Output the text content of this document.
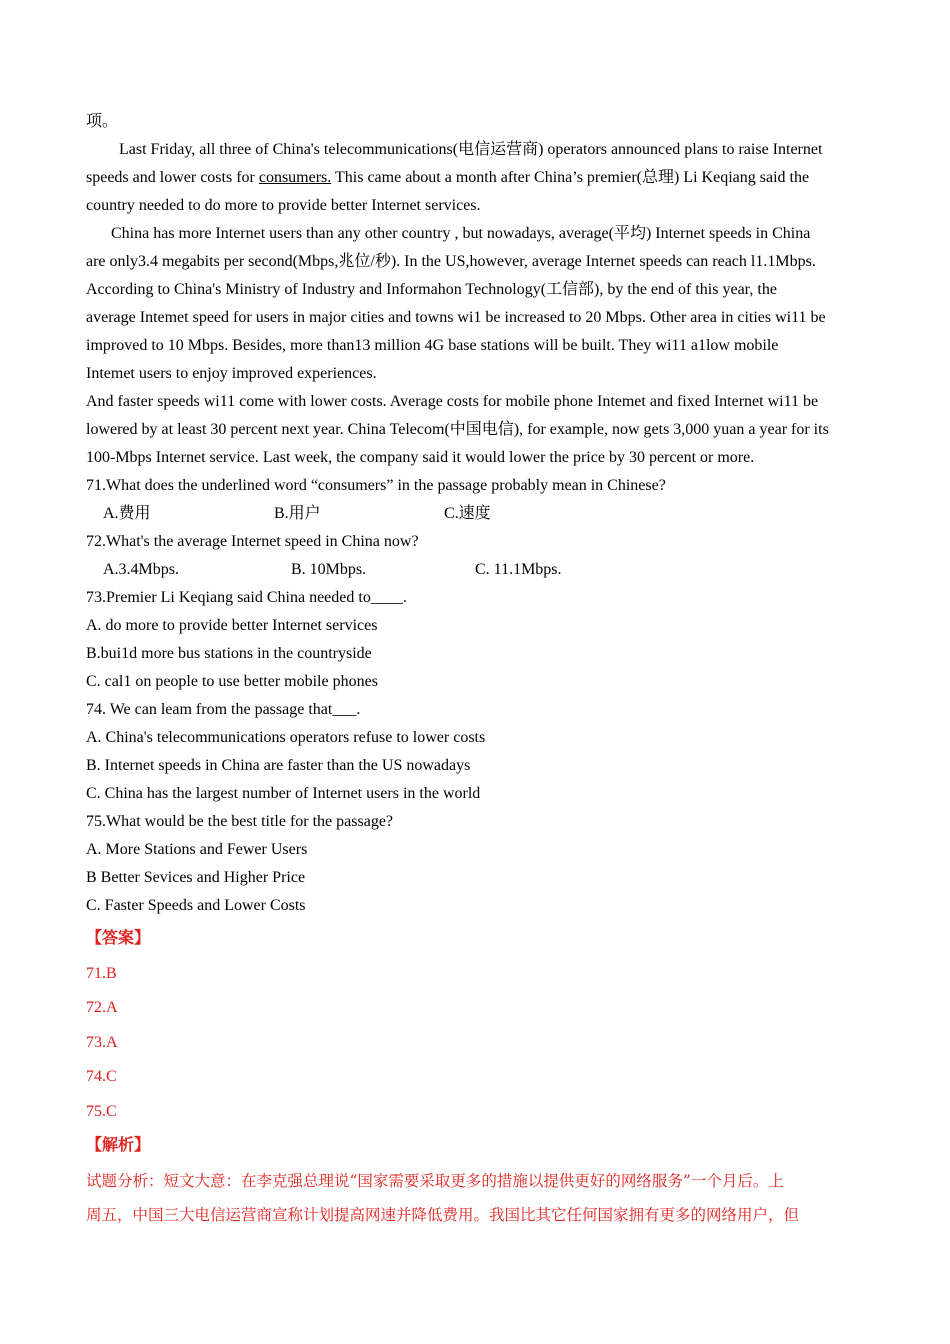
项。
Last Friday, all three of China's telecommunications(电信运营商) operators announced plans to raise Internet
speeds and lower costs for consumers. This came about a month after China’s premier(总理) Li Keqiang said the
country needed to do more to provide better Internet services.
China has more Internet users than any other country , but nowadays, average(平均) Internet speeds in China
are only3.4 megabits per second(Mbps,兆位/秒). In the US,however, average Internet speeds can reach l1.1Mbps.
According to China's Ministry of Industry and Informahon Technology(工信部), by the end of this year, the
average Intemet speed for users in major cities and towns wi1 be increased to 20 Mbps. Other area in cities wi11 be
improved to 10 Mbps. Besides, more than13 million 4G base stations will be built. They wi11 a1low mobile
Intemet users to enjoy improved experiences.
And faster speeds wi11 come with lower costs. Average costs for mobile phone Intemet and fixed Internet wi11 be
lowered by at least 30 percent next year. China Telecom(中国电信), for example, now gets 3,000 yuan a year for its
100-Mbps Internet service. Last week, the company said it would lower the price by 30 percent or more.
71.What does the underlined word “consumers” in the passage probably mean in Chinese?
A.费用	B.用户	C.速度
72.What's the average Internet speed in China now?
A.3.4Mbps.	B. 10Mbps.	C. 11.1Mbps.
73.Premier Li Keqiang said China needed to____.
A. do more to provide better Internet services
B.bui1d more bus stations in the countryside
C. cal1 on people to use better mobile phones
74. We can leam from the passage that___.
A. China's telecommunications operators refuse to lower costs
B. Internet speeds in China are faster than the US nowadays
C. China has the largest number of Internet users in the world
75.What would be the best title for the passage?
A. More Stations and Fewer Users
B Better Sevices and Higher Price
C. Faster Speeds and Lower Costs
【答案】
71.B
72.A
73.A
74.C
75.C
【解析】
试题分析：短文大意：在李克强总理说“国家需要采取更多的措施以提供更好的网络服务”一个月后。上
周五，中国三大电信运营商宣称计划提高网速并降低费用。我国比其它任何国家拥有更多的网络用户，但
